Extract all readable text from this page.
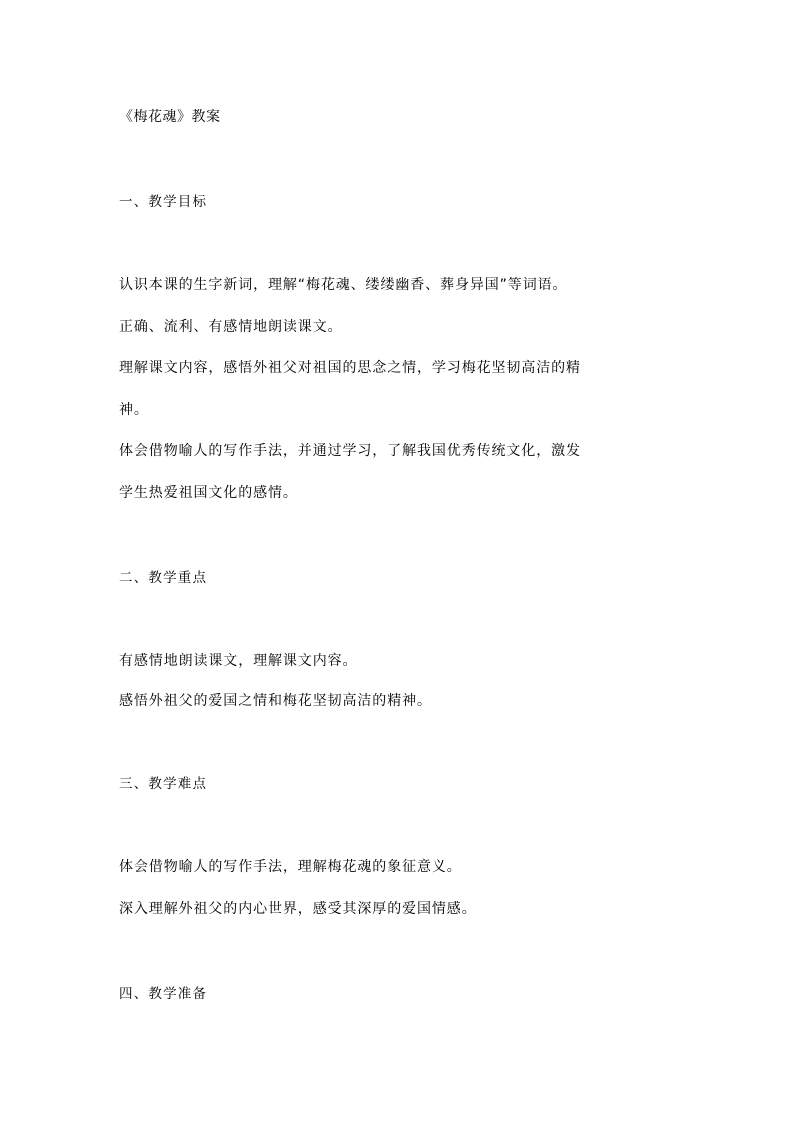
《梅花魂》教案
一、教学目标
认识本课的生字新词，理解“梅花魂、缕缕幽香、葬身异国”等词语。
正确、流利、有感情地朗读课文。
理解课文内容，感悟外祖父对祖国的思念之情，学习梅花坚韧高洁的精
神。
体会借物喻人的写作手法，并通过学习，了解我国优秀传统文化，激发
学生热爱祖国文化的感情。
二、教学重点
有感情地朗读课文，理解课文内容。
感悟外祖父的爱国之情和梅花坚韧高洁的精神。
三、教学难点
体会借物喻人的写作手法，理解梅花魂的象征意义。
深入理解外祖父的内心世界，感受其深厚的爱国情感。
四、教学准备
